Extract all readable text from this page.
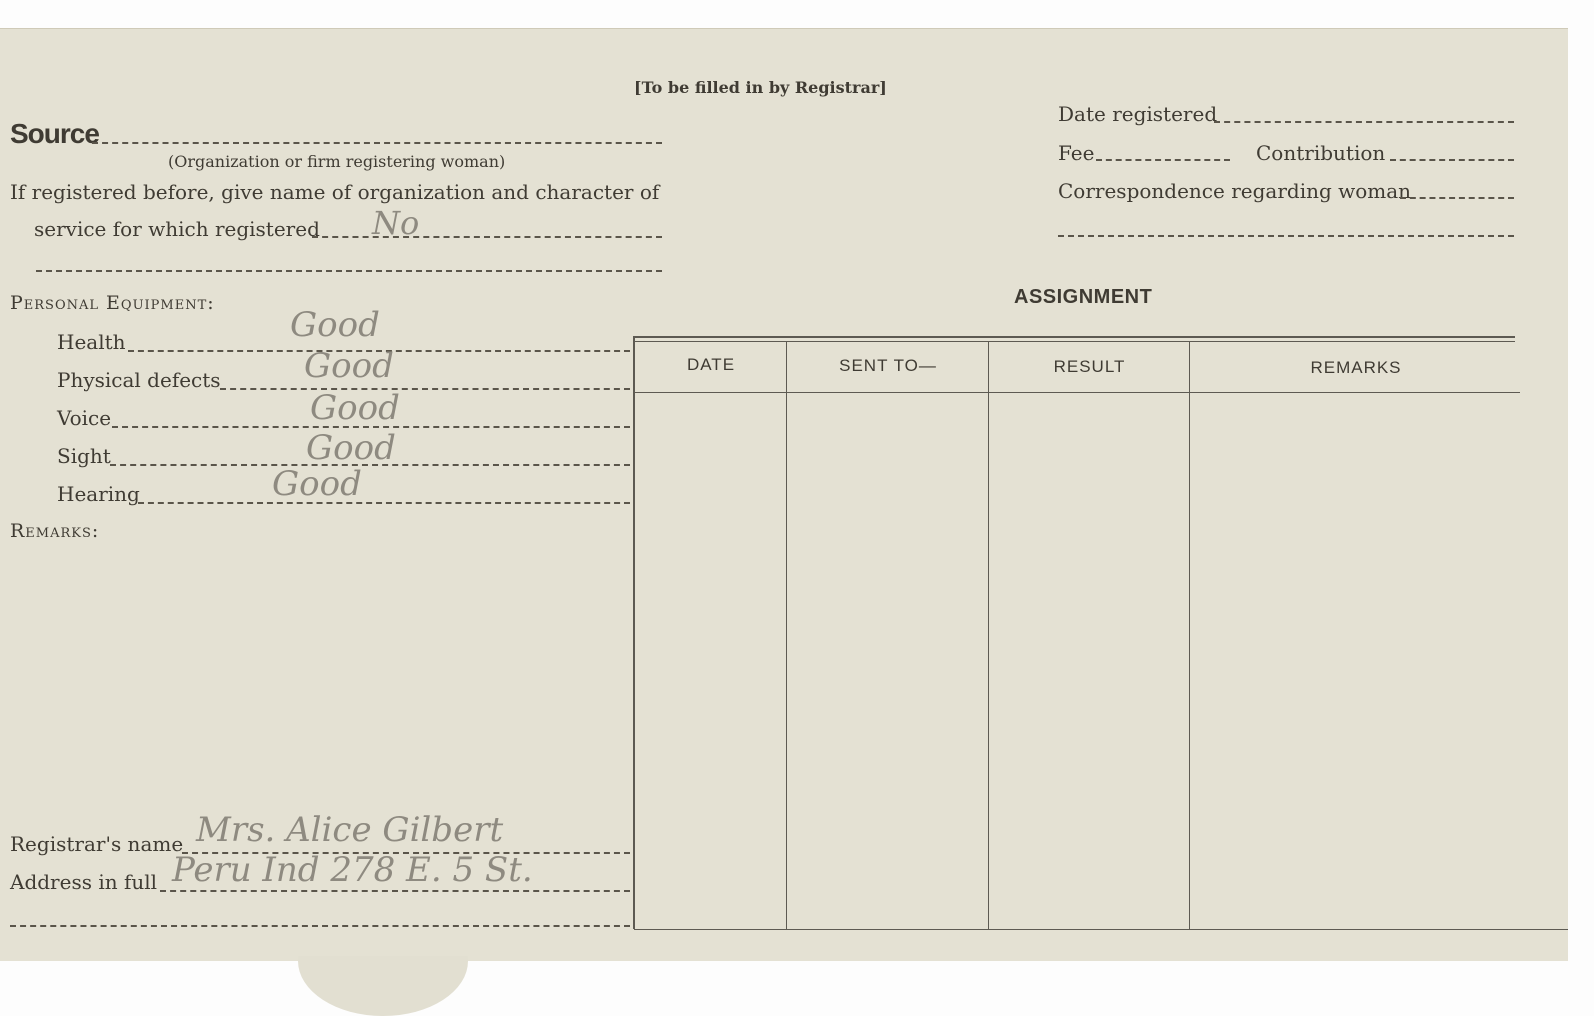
[To be filled in by Registrar]
Source
(Organization or firm registering woman)
If registered before, give name of organization and character of
service for which registered No
Personal Equipment:
Health	Good
Physical defects Good
Voice	Good
Sight	Good
Hearing	Good
Remarks:
Registrar's name Mrs. Alice Gilbert
Address in full Peru Ind 278 E. 5 St.
Date registered
Fee	Contribution
Correspondence regarding woman
ASSIGNMENT
DATE	SENT TO—	RESULT	REMARKS
